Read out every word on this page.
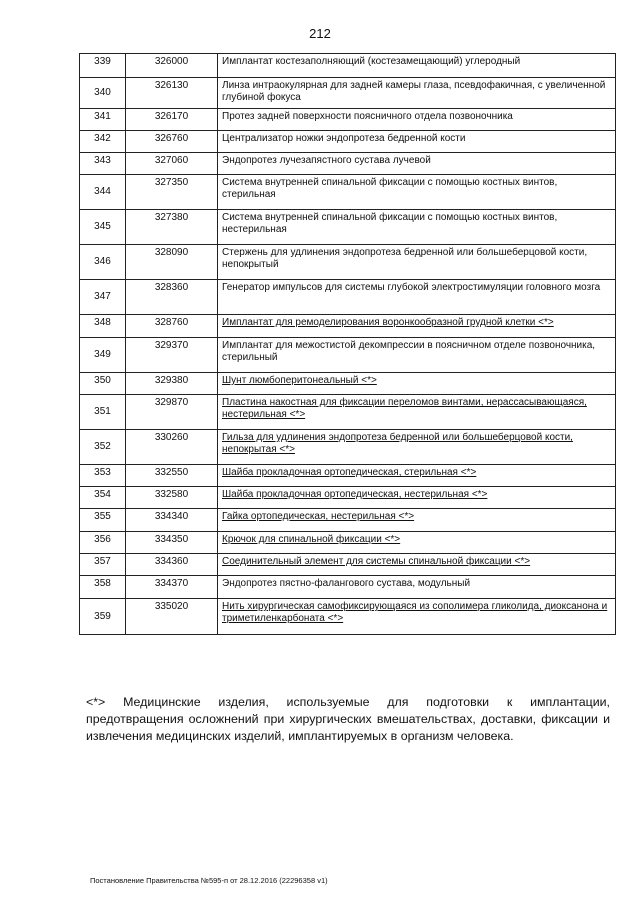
212
339	326000	Имплантат костезаполняющий (костезамещающий) углеродный
340	326130	Линза интраокулярная для задней камеры глаза, псевдофакичная, с увеличенной глубиной фокуса
341	326170	Протез задней поверхности поясничного отдела позвоночника
342	326760	Централизатор ножки эндопротеза бедренной кости
343	327060	Эндопротез лучезапястного сустава лучевой
344	327350	Система внутренней спинальной фиксации с помощью костных винтов, стерильная
345	327380	Система внутренней спинальной фиксации с помощью костных винтов, нестерильная
346	328090	Стержень для удлинения эндопротеза бедренной или большеберцовой кости, непокрытый
347	328360	Генератор импульсов для системы глубокой электростимуляции головного мозга
348	328760	Имплантат для ремоделирования воронкообразной грудной клетки <*>
349	329370	Имплантат для межостистой декомпрессии в поясничном отделе позвоночника, стерильный
350	329380	Шунт люмбоперитонеальный <*>
351	329870	Пластина накостная для фиксации переломов винтами, нерассасывающаяся, нестерильная <*>
352	330260	Гильза для удлинения эндопротеза бедренной или большеберцовой кости, непокрытая <*>
353	332550	Шайба прокладочная ортопедическая, стерильная <*>
354	332580	Шайба прокладочная ортопедическая, нестерильная <*>
355	334340	Гайка ортопедическая, нестерильная <*>
356	334350	Крючок для спинальной фиксации <*>
357	334360	Соединительный элемент для системы спинальной фиксации <*>
358	334370	Эндопротез пястно-фалангового сустава, модульный
359	335020	Нить хирургическая самофиксирующаяся из сополимера гликолида, диоксанона и триметиленкарбоната <*>
<*> Медицинские изделия, используемые для подготовки к имплантации, предотвращения осложнений при хирургических вмешательствах, доставки, фиксации и извлечения медицинских изделий, имплантируемых в организм человека.
Постановление Правительства №595-п от 28.12.2016 (22296358 v1)
